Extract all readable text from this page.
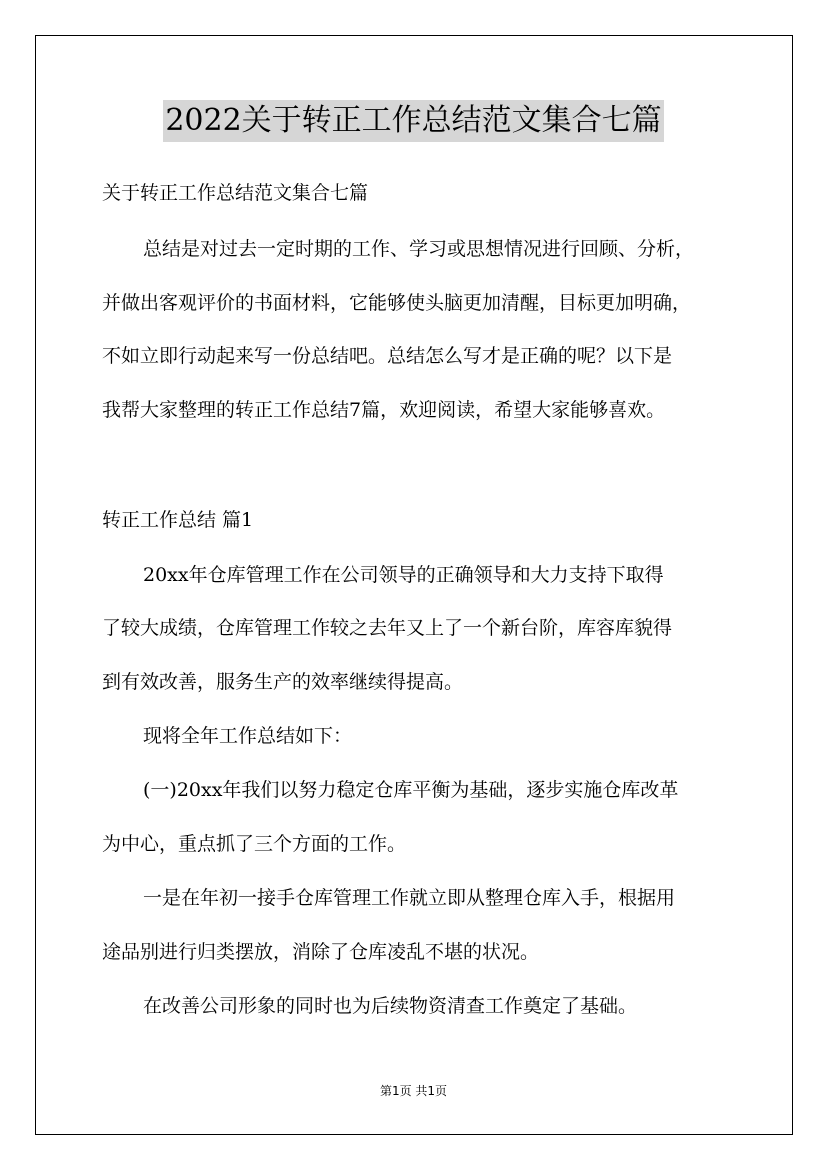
2022关于转正工作总结范文集合七篇
关于转正工作总结范文集合七篇
总结是对过去一定时期的工作、学习或思想情况进行回顾、分析，
并做出客观评价的书面材料，它能够使头脑更加清醒，目标更加明确，
不如立即行动起来写一份总结吧。总结怎么写才是正确的呢？以下是
我帮大家整理的转正工作总结7篇，欢迎阅读，希望大家能够喜欢。
转正工作总结 篇1
20xx年仓库管理工作在公司领导的正确领导和大力支持下取得
了较大成绩，仓库管理工作较之去年又上了一个新台阶，库容库貌得
到有效改善，服务生产的效率继续得提高。
现将全年工作总结如下：
(一)20xx年我们以努力稳定仓库平衡为基础，逐步实施仓库改革
为中心，重点抓了三个方面的工作。
一是在年初一接手仓库管理工作就立即从整理仓库入手，根据用
途品别进行归类摆放，消除了仓库凌乱不堪的状况。
在改善公司形象的同时也为后续物资清查工作奠定了基础。
第1页 共1页
